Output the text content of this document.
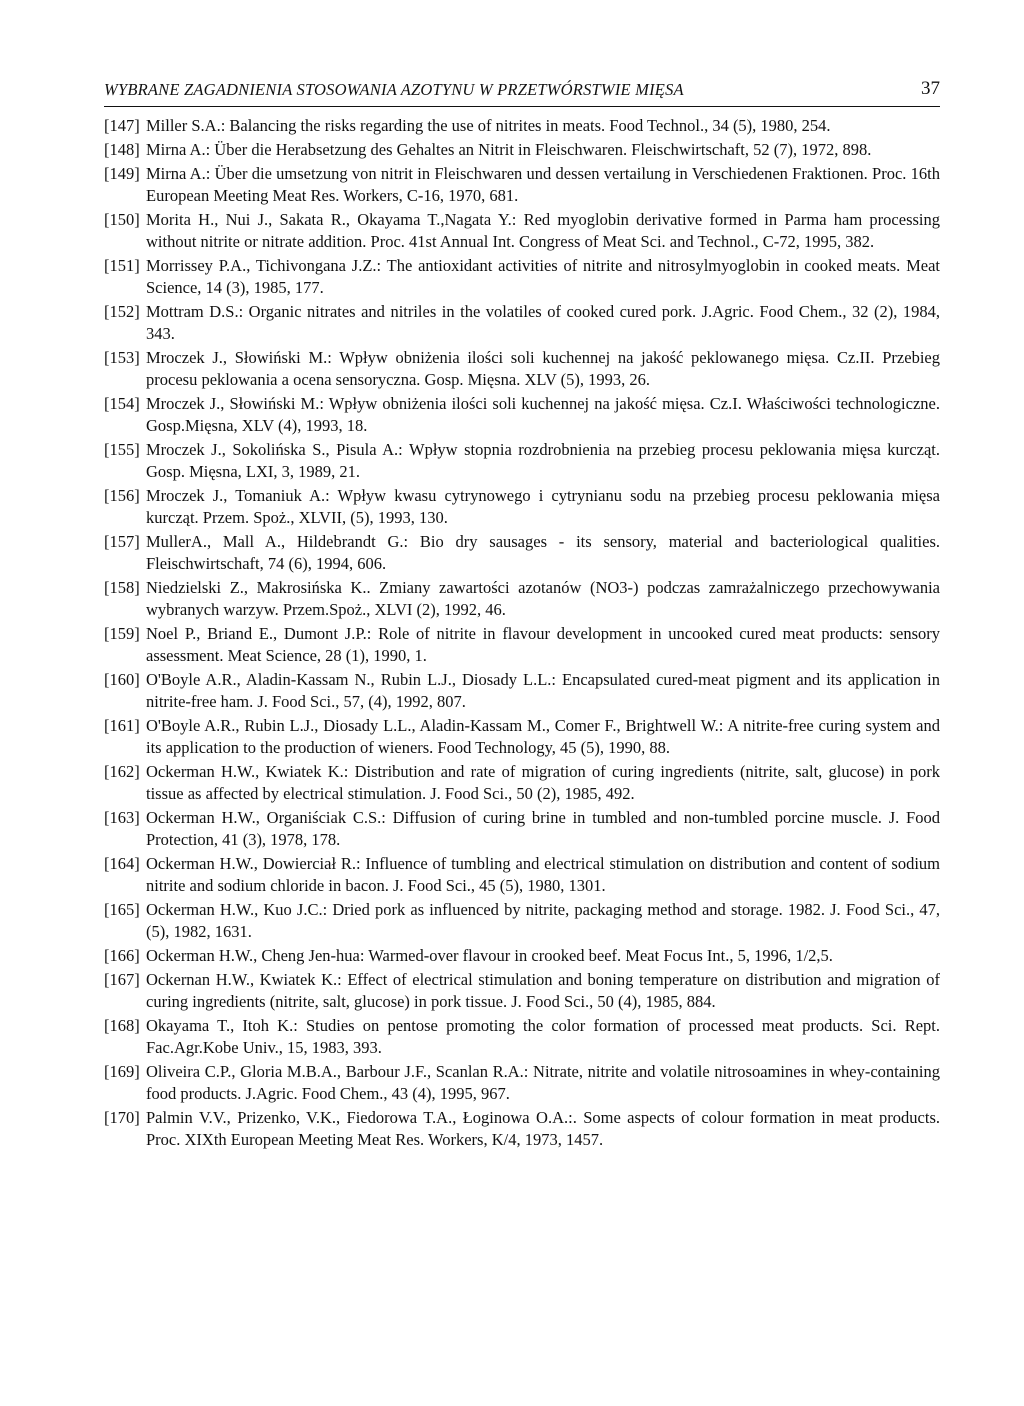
WYBRANE ZAGADNIENIA STOSOWANIA AZOTYNU W PRZETWÓRSTWIE MIĘSA	37
[147] Miller S.A.: Balancing the risks regarding the use of nitrites in meats. Food Technol., 34 (5), 1980, 254.
[148] Mirna A.: Über die Herabsetzung des Gehaltes an Nitrit in Fleischwaren. Fleischwirtschaft, 52 (7), 1972, 898.
[149] Mirna A.: Über die umsetzung von nitrit in Fleischwaren und dessen vertailung in Verschiedenen Fraktionen. Proc. 16th European Meeting Meat Res. Workers, C-16, 1970, 681.
[150] Morita H., Nui J., Sakata R., Okayama T.,Nagata Y.: Red myoglobin derivative formed in Parma ham processing without nitrite or nitrate addition. Proc. 41st Annual Int. Congress of Meat Sci. and Technol., C-72, 1995, 382.
[151] Morrissey P.A., Tichivongana J.Z.: The antioxidant activities of nitrite and nitrosylmyoglobin in cooked meats. Meat Science, 14 (3), 1985, 177.
[152] Mottram D.S.: Organic nitrates and nitriles in the volatiles of cooked cured pork. J.Agric. Food Chem., 32 (2), 1984, 343.
[153] Mroczek J., Słowiński M.: Wpływ obniżenia ilości soli kuchennej na jakość peklowanego mięsa. Cz.II. Przebieg procesu peklowania a ocena sensoryczna. Gosp. Mięsna. XLV (5), 1993, 26.
[154] Mroczek J., Słowiński M.: Wpływ obniżenia ilości soli kuchennej na jakość mięsa. Cz.I. Właściwości technologiczne. Gosp.Mięsna, XLV (4), 1993, 18.
[155] Mroczek J., Sokolińska S., Pisula A.: Wpływ stopnia rozdrobnienia na przebieg procesu peklowania mięsa kurcząt. Gosp. Mięsna, LXI, 3, 1989, 21.
[156] Mroczek J., Tomaniuk A.: Wpływ kwasu cytrynowego i cytrynianu sodu na przebieg procesu peklowania mięsa kurcząt. Przem. Spoż., XLVII, (5), 1993, 130.
[157] MullerA., Mall A., Hildebrandt G.: Bio dry sausages - its sensory, material and bacteriological qualities. Fleischwirtschaft, 74 (6), 1994, 606.
[158] Niedzielski Z., Makrosińska K.. Zmiany zawartości azotanów (NO3-) podczas zamrażalniczego przechowywania wybranych warzyw. Przem.Spoż., XLVI (2), 1992, 46.
[159] Noel P., Briand E., Dumont J.P.: Role of nitrite in flavour development in uncooked cured meat products: sensory assessment. Meat Science, 28 (1), 1990, 1.
[160] O'Boyle A.R., Aladin-Kassam N., Rubin L.J., Diosady L.L.: Encapsulated cured-meat pigment and its application in nitrite-free ham. J. Food Sci., 57, (4), 1992, 807.
[161] O'Boyle A.R., Rubin L.J., Diosady L.L., Aladin-Kassam M., Comer F., Brightwell W.: A nitrite-free curing system and its application to the production of wieners. Food Technology, 45 (5), 1990, 88.
[162] Ockerman H.W., Kwiatek K.: Distribution and rate of migration of curing ingredients (nitrite, salt, glucose) in pork tissue as affected by electrical stimulation. J. Food Sci., 50 (2), 1985, 492.
[163] Ockerman H.W., Organiściak C.S.: Diffusion of curing brine in tumbled and non-tumbled porcine muscle. J. Food Protection, 41 (3), 1978, 178.
[164] Ockerman H.W., Dowierciał R.: Influence of tumbling and electrical stimulation on distribution and content of sodium nitrite and sodium chloride in bacon. J. Food Sci., 45 (5), 1980, 1301.
[165] Ockerman H.W., Kuo J.C.: Dried pork as influenced by nitrite, packaging method and storage. 1982. J. Food Sci., 47, (5), 1982, 1631.
[166] Ockerman H.W., Cheng Jen-hua: Warmed-over flavour in crooked beef. Meat Focus Int., 5, 1996, 1/2,5.
[167] Ockernan H.W., Kwiatek K.: Effect of electrical stimulation and boning temperature on distribution and migration of curing ingredients (nitrite, salt, glucose) in pork tissue. J. Food Sci., 50 (4), 1985, 884.
[168] Okayama T., Itoh K.: Studies on pentose promoting the color formation of processed meat products. Sci. Rept. Fac.Agr.Kobe Univ., 15, 1983, 393.
[169] Oliveira C.P., Gloria M.B.A., Barbour J.F., Scanlan R.A.: Nitrate, nitrite and volatile nitrosoamines in whey-containing food products. J.Agric. Food Chem., 43 (4), 1995, 967.
[170] Palmin V.V., Prizenko, V.K., Fiedorowa T.A., Łoginowa O.A.:. Some aspects of colour formation in meat products. Proc. XIXth European Meeting Meat Res. Workers, K/4, 1973, 1457.
